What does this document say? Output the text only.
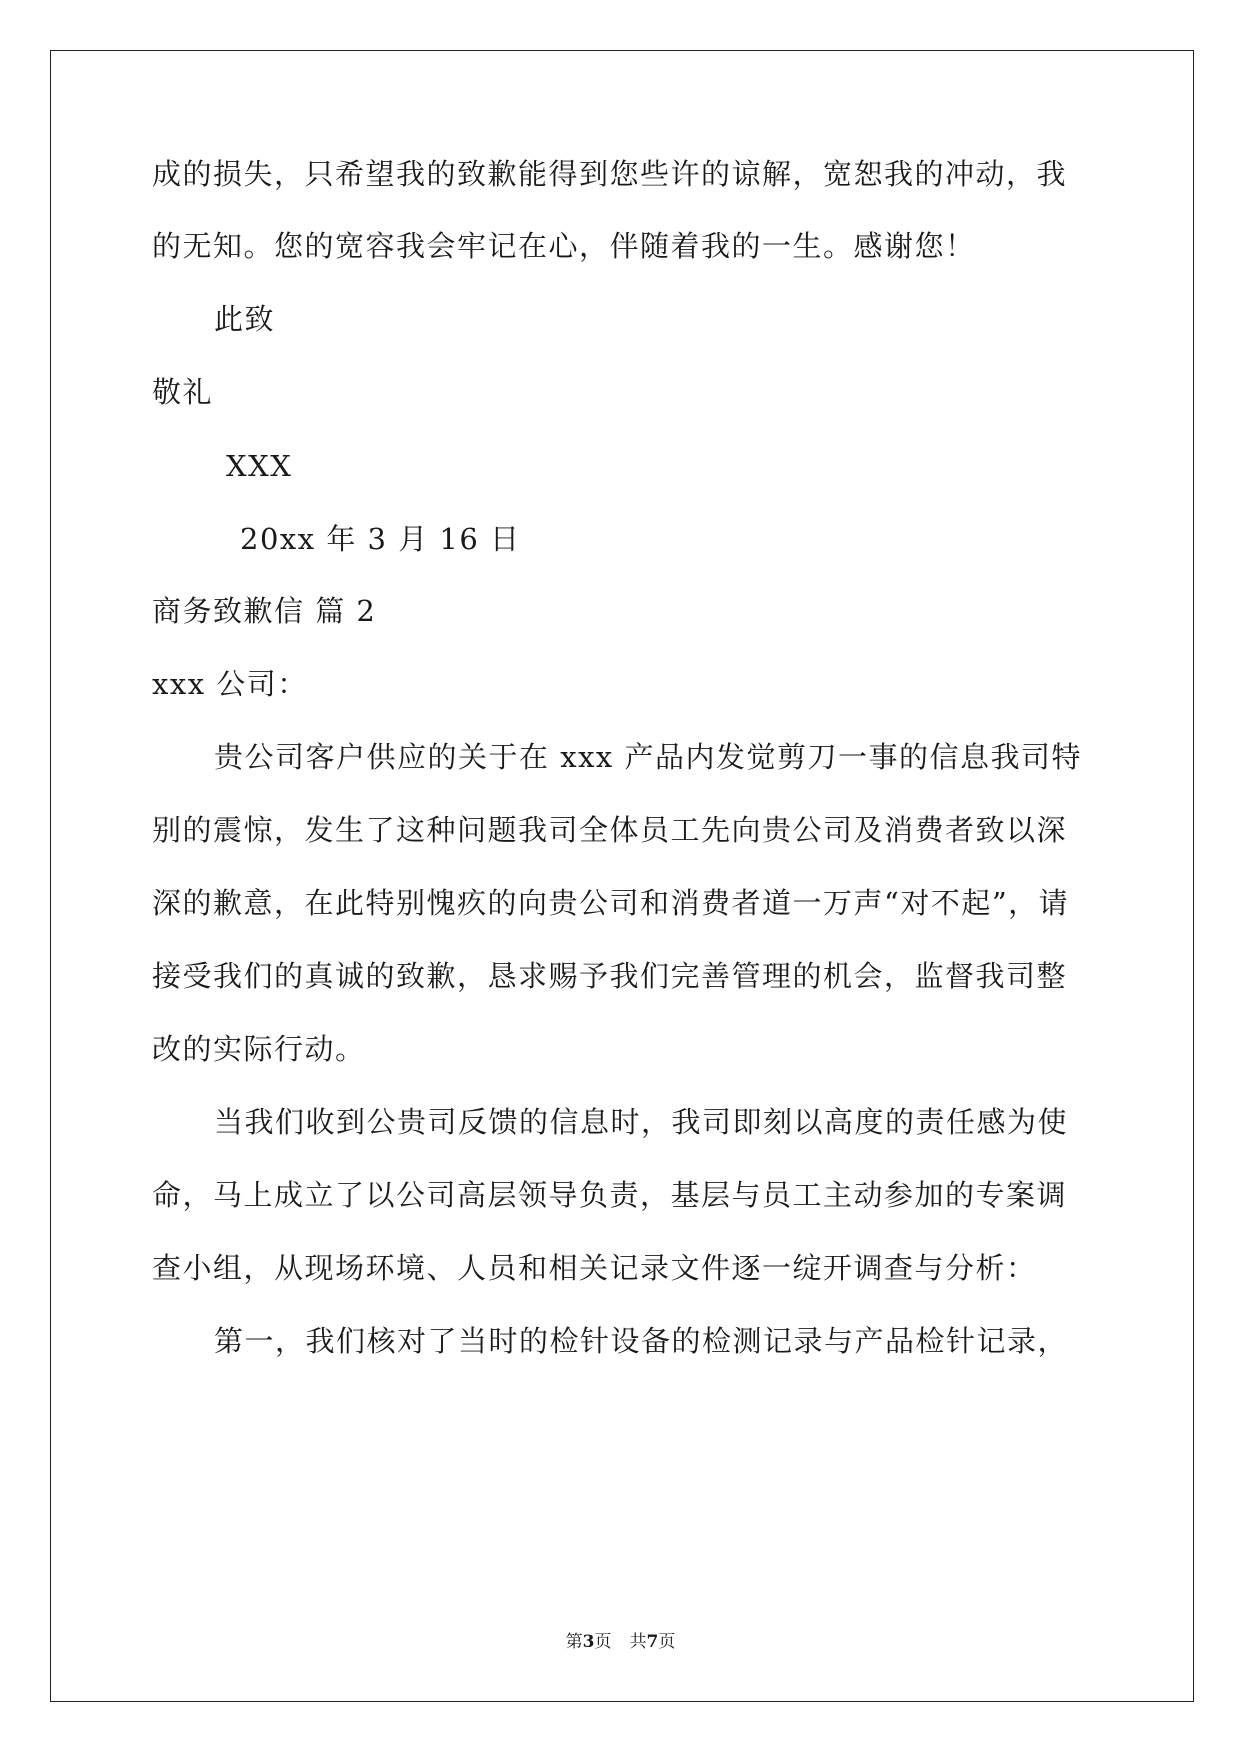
成的损失，只希望我的致歉能得到您些许的谅解，宽恕我的冲动，我
的无知。您的宽容我会牢记在心，伴随着我的一生。感谢您！
此致
敬礼
XXX
20xx 年 3 月 16 日
商务致歉信 篇 2
xxx 公司：
贵公司客户供应的关于在 xxx 产品内发觉剪刀一事的信息我司特
别的震惊，发生了这种问题我司全体员工先向贵公司及消费者致以深
深的歉意，在此特别愧疚的向贵公司和消费者道一万声“对不起”，请
接受我们的真诚的致歉，恳求赐予我们完善管理的机会，监督我司整
改的实际行动。
当我们收到公贵司反馈的信息时，我司即刻以高度的责任感为使
命，马上成立了以公司高层领导负责，基层与员工主动参加的专案调
查小组，从现场环境、人员和相关记录文件逐一绽开调查与分析：
第一，我们核对了当时的检针设备的检测记录与产品检针记录，
第3页 共7页
